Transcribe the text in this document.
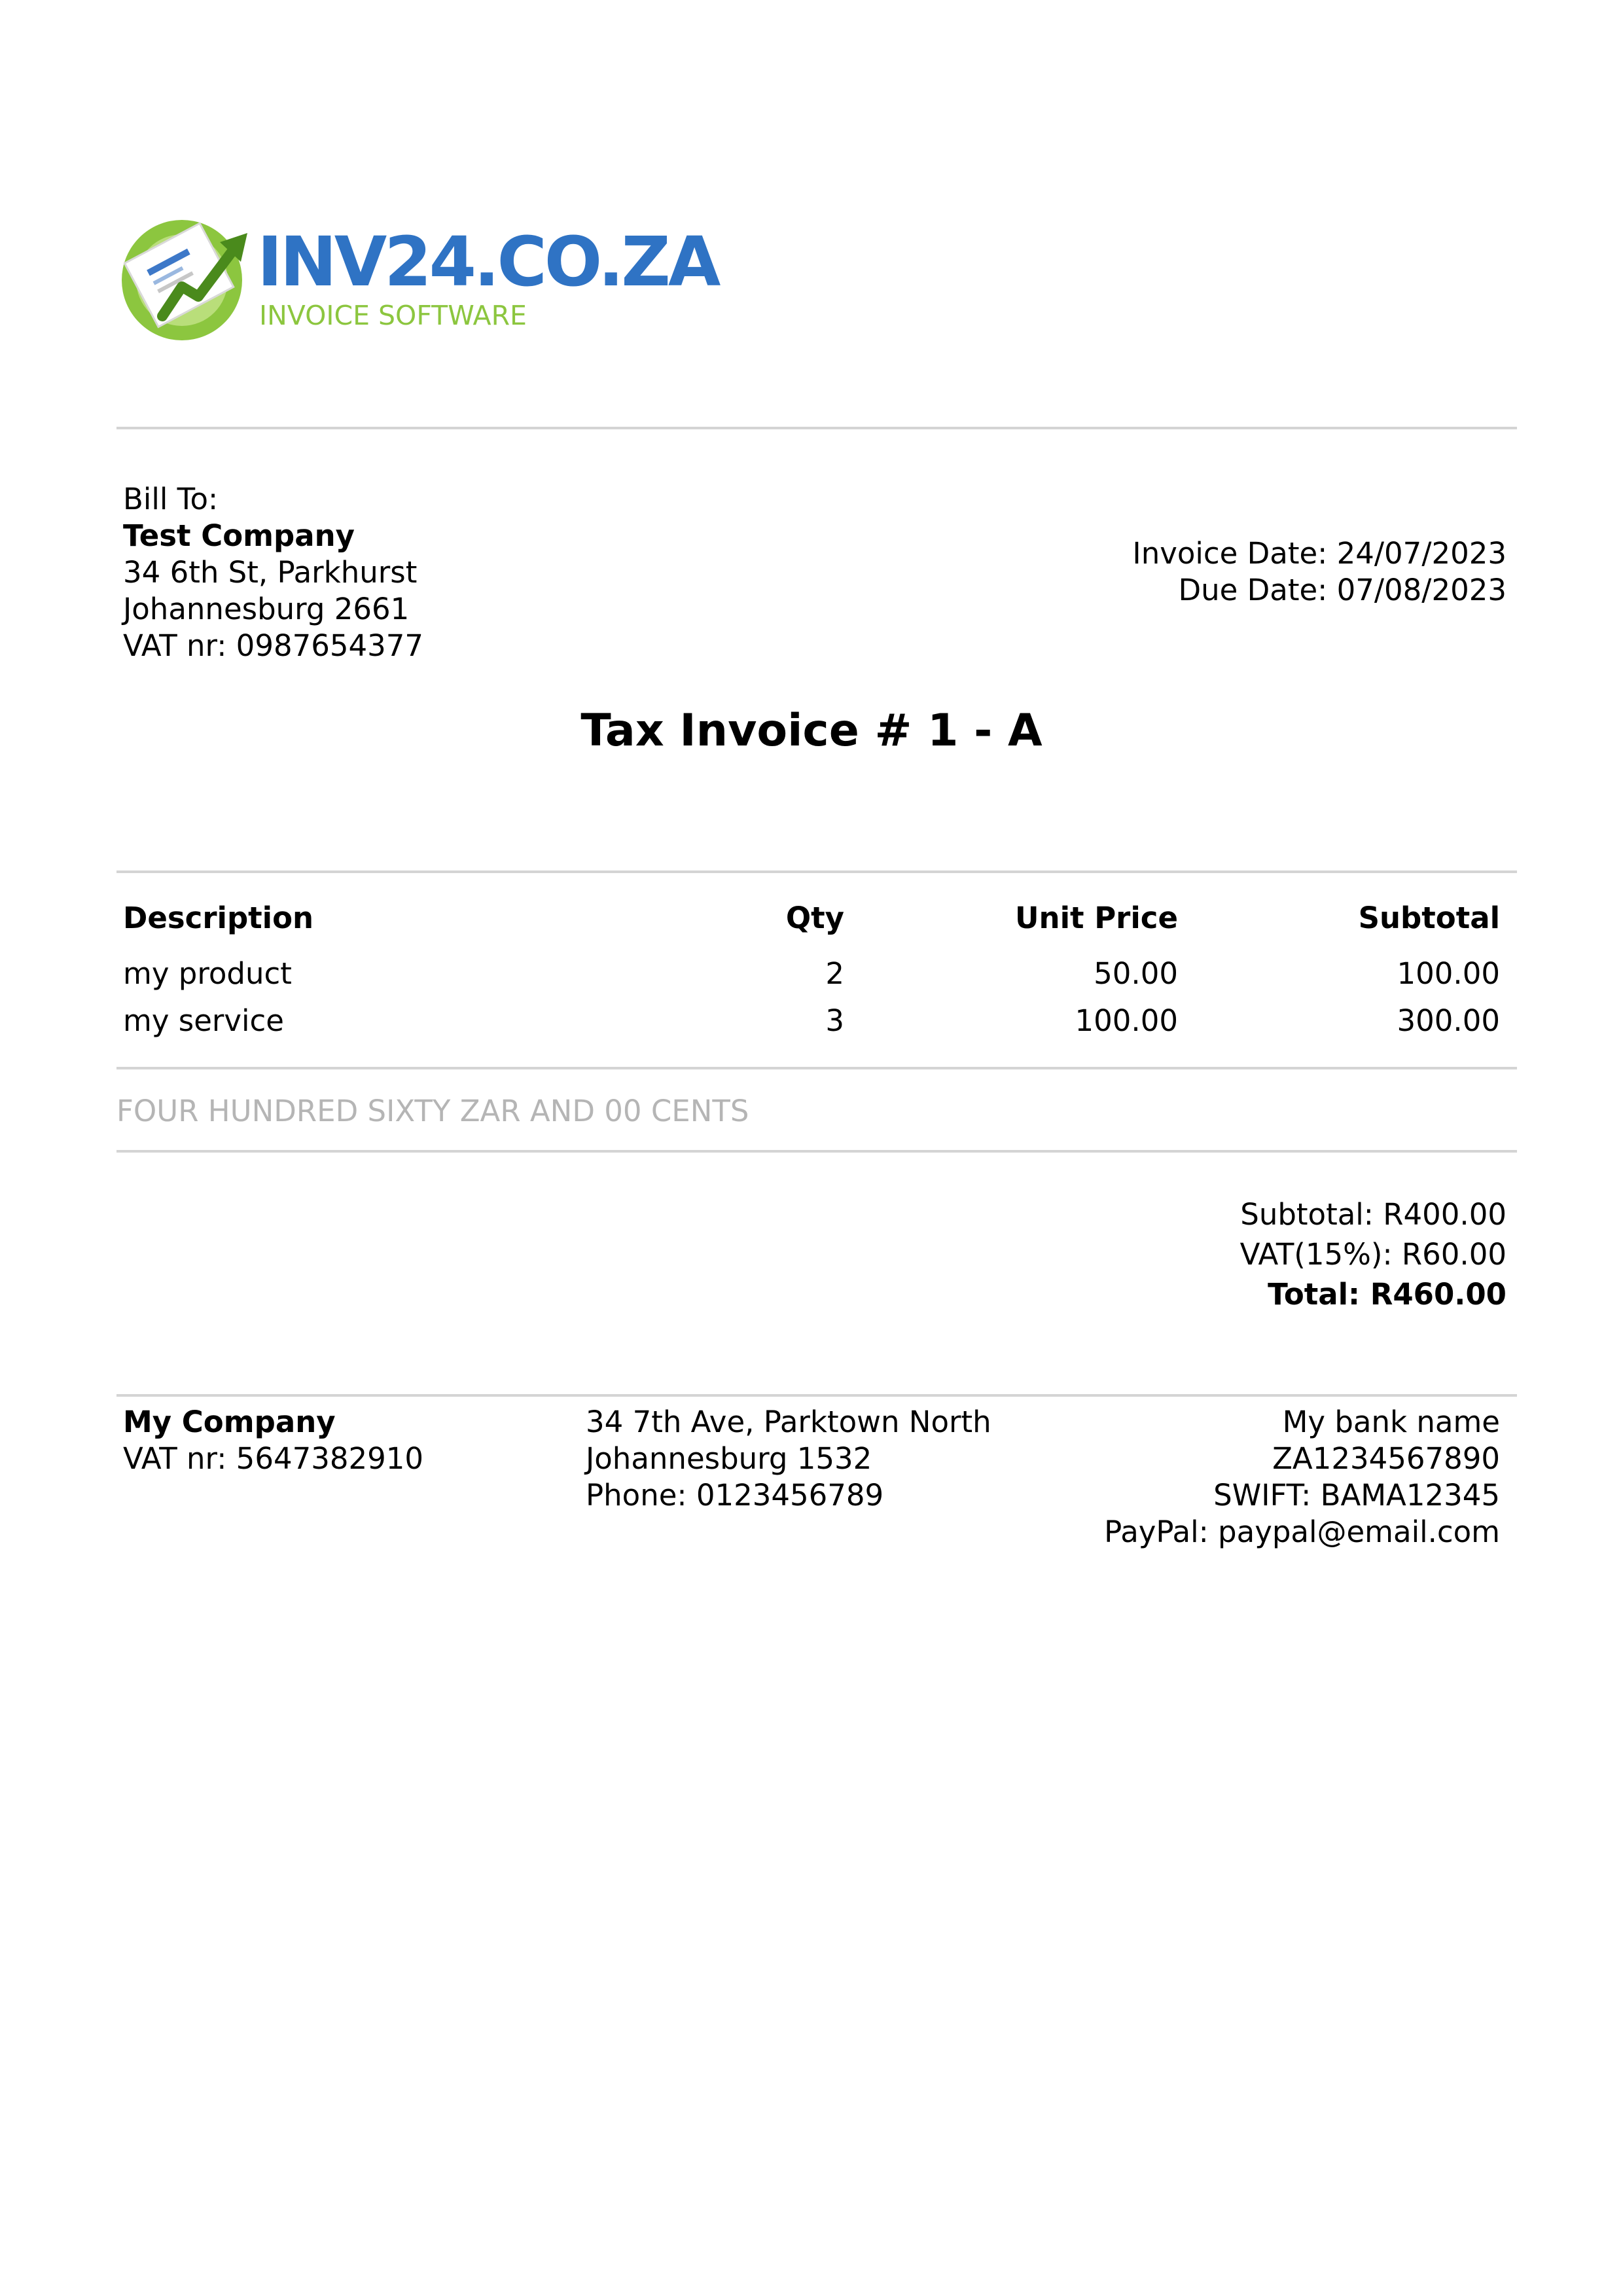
INV24.CO.ZA
INVOICE SOFTWARE
Bill To:
Test Company
34 6th St, Parkhurst
Johannesburg 2661
VAT nr: 0987654377
Invoice Date: 24/07/2023
Due Date: 07/08/2023
Tax Invoice # 1 - A
Description	Qty	Unit Price	Subtotal
my product	2	50.00	100.00
my service	3	100.00	300.00
FOUR HUNDRED SIXTY ZAR AND 00 CENTS
Subtotal: R400.00
VAT(15%): R60.00
Total: R460.00
My Company
VAT nr: 5647382910
34 7th Ave, Parktown North
Johannesburg 1532
Phone: 0123456789
My bank name
ZA1234567890
SWIFT: BAMA12345
PayPal: paypal@email.com
